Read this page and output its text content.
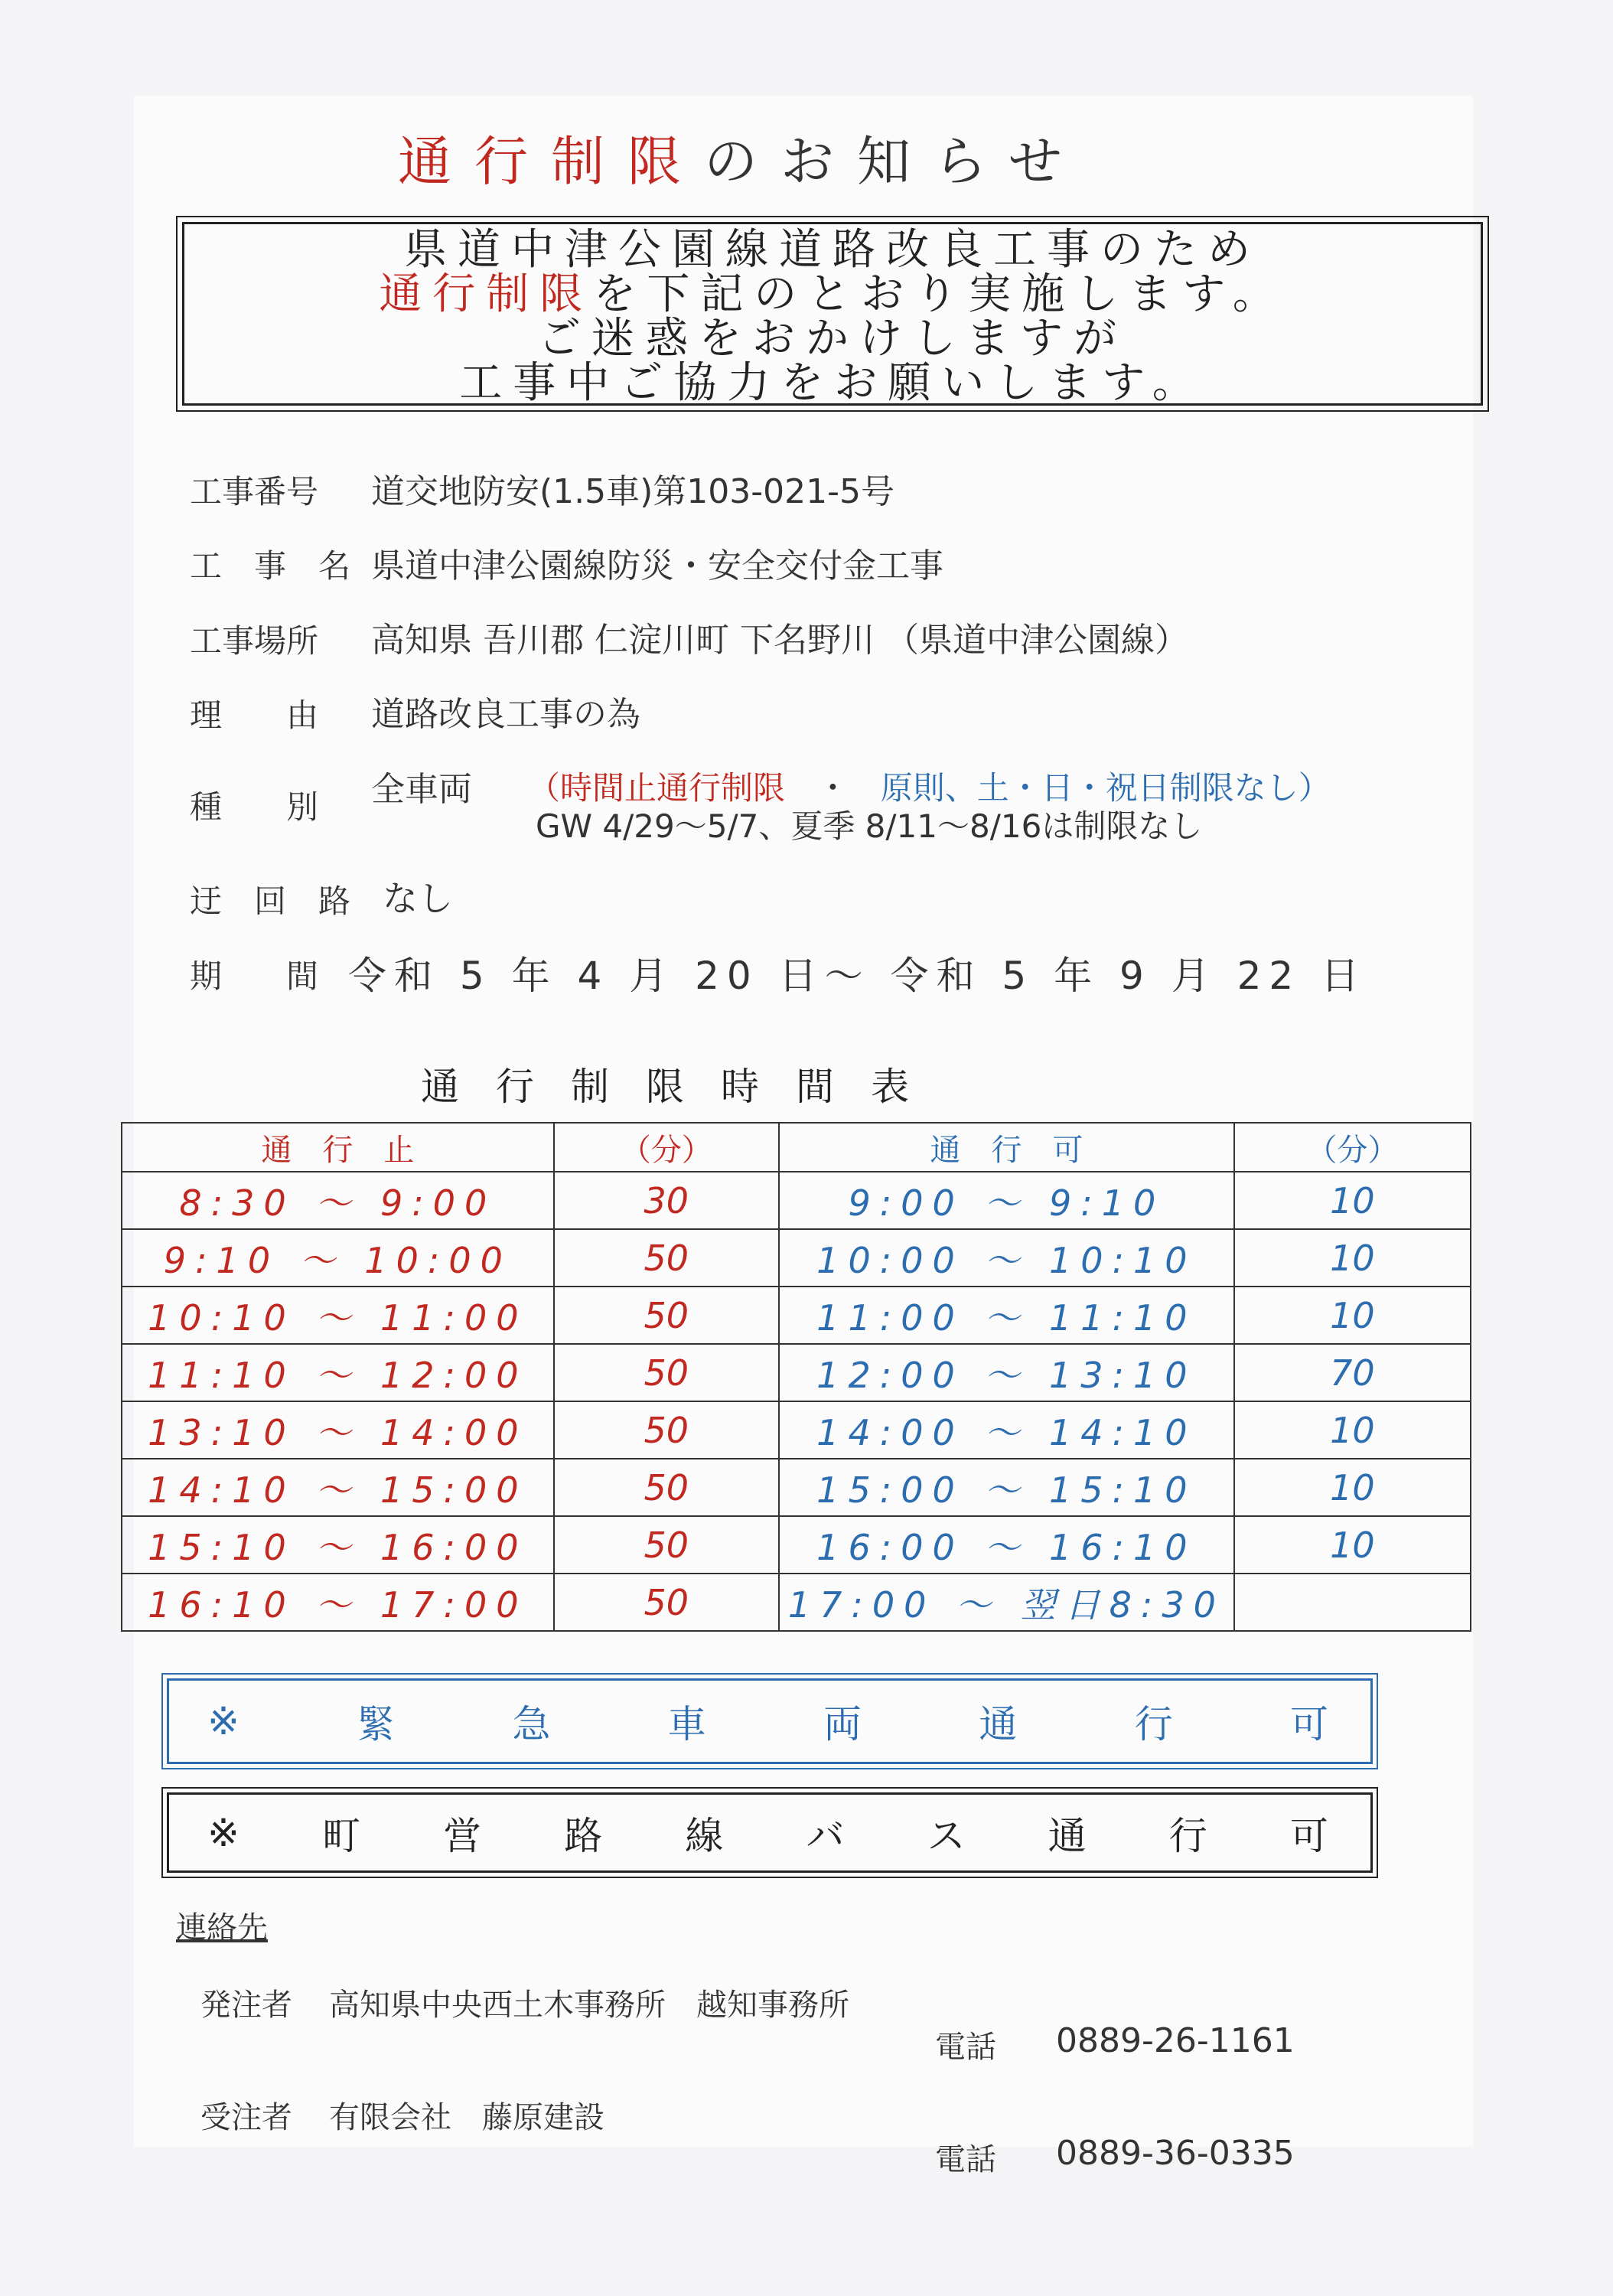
通行制限のお知らせ
県道中津公園線道路改良工事のため
通行制限を下記のとおり実施します。
ご迷惑をおかけしますが
工事中ご協力をお願いします。
工事番号 道交地防安(1.5車)第103-021-5号
工　事　名 県道中津公園線防災・安全交付金工事
工事場所 高知県 吾川郡 仁淀川町 下名野川 （県道中津公園線）
理　　由 道路改良工事の為
種　　別 全車両 （時間止通行制限 ・ 原則、土・日・祝日制限なし）
GW 4/29～5/7、夏季 8/11～8/16は制限なし
迂　回　路 なし
期　　間 令和 5 年 4 月 20 日～ 令和 5 年 9 月 22 日
通行制限時間表
通　行　止	（分）	通　行　可	（分）
8:30 ～ 9:00	30	9:00 ～ 9:10	10
9:10 ～ 10:00	50	10:00 ～ 10:10	10
10:10 ～ 11:00	50	11:00 ～ 11:10	10
11:10 ～ 12:00	50	12:00 ～ 13:10	70
13:10 ～ 14:00	50	14:00 ～ 14:10	10
14:10 ～ 15:00	50	15:00 ～ 15:10	10
15:10 ～ 16:00	50	16:00 ～ 16:10	10
16:10 ～ 17:00	50	17:00 ～ 翌日8:30	
※	緊	急	車	両	通	行	可
※ 町 営 路 線 バ ス 通 行 可
連絡先
発注者 高知県中央西土木事務所　越知事務所
電話 0889-26-1161
受注者 有限会社　藤原建設
電話 0889-36-0335
